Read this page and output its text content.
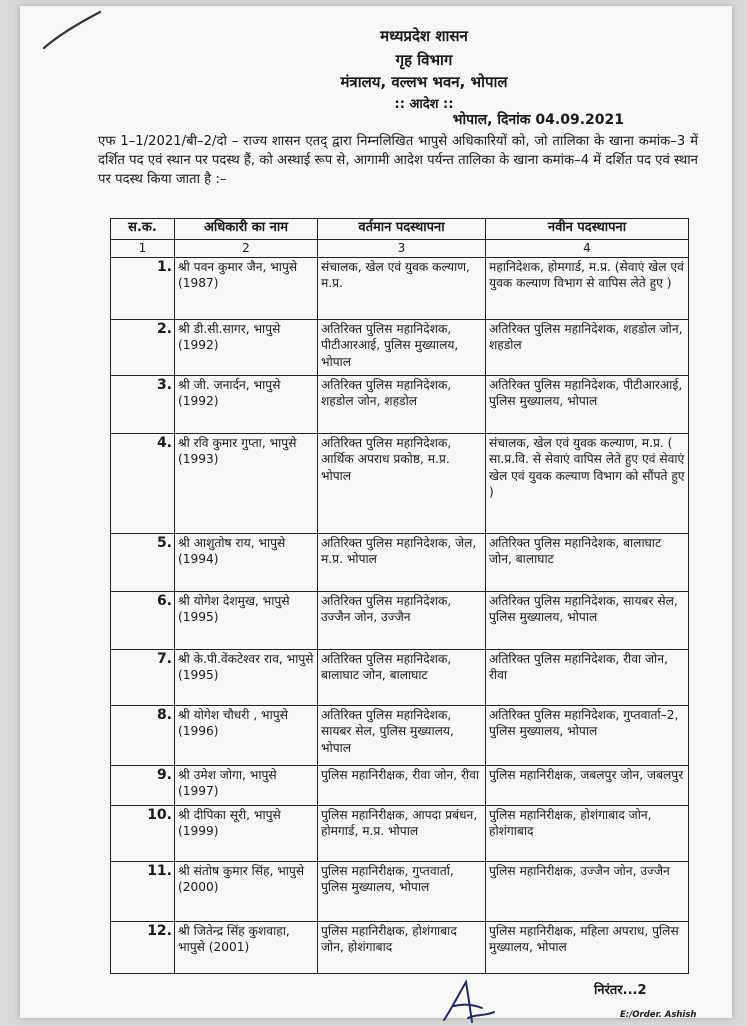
मध्यप्रदेश शासन
गृह विभाग
मंत्रालय, वल्लभ भवन, भोपाल
:: आदेश ::
भोपाल, दिनांक 04.09.2021
एफ 1–1/2021/बी–2/दो – राज्य शासन एतद् द्वारा निम्नलिखित भापुसे अधिकारियों को, जो तालिका के खाना कमांक–3 में दर्शित पद एवं स्थान पर पदस्थ हैं, को अस्थाई रूप से, आगामी आदेश पर्यन्त तालिका के खाना कमांक–4 में दर्शित पद एवं स्थान पर पदस्थ किया जाता है :–
स.क.	अधिकारी का नाम	वर्तमान पदस्थापना	नवीन पदस्थापना
1	2	3	4
1.	श्री पवन कुमार जैन, भापुसे (1987)	संचालक, खेल एवं युवक कल्याण, म.प्र.	महानिदेशक, होमगार्ड, म.प्र. (सेवाएं खेल एवं युवक कल्याण विभाग से वापिस लेते हुए )
2.	श्री डी.सी.सागर, भापुसे (1992)	अतिरिक्त पुलिस महानिदेशक, पीटीआरआई, पुलिस मुख्यालय, भोपाल	अतिरिक्त पुलिस महानिदेशक, शहडोल जोन, शहडोल
3.	श्री जी. जनार्दन, भापुसे (1992)	अतिरिक्त पुलिस महानिदेशक, शहडोल जोन, शहडोल	अतिरिक्त पुलिस महानिदेशक, पीटीआरआई, पुलिस मुख्यालय, भोपाल
4.	श्री रवि कुमार गुप्ता, भापुसे (1993)	अतिरिक्त पुलिस महानिदेशक, आर्थिक अपराध प्रकोष्ठ, म.प्र. भोपाल	संचालक, खेल एवं युवक कल्याण, म.प्र. ( सा.प्र.वि. से सेवाएं वापिस लेते हुए एवं सेवाएं खेल एवं युवक कल्याण विभाग को सौंपते हुए )
5.	श्री आशुतोष राय, भापुसे (1994)	अतिरिक्त पुलिस महानिदेशक, जेल, म.प्र. भोपाल	अतिरिक्त पुलिस महानिदेशक, बालाघाट जोन, बालाघाट
6.	श्री योगेश देशमुख, भापुसे (1995)	अतिरिक्त पुलिस महानिदेशक, उज्जैन जोन, उज्जैन	अतिरिक्त पुलिस महानिदेशक, सायबर सेल, पुलिस मुख्यालय, भोपाल
7.	श्री के.पी.वेंकटेश्वर राव, भापुसे (1995)	अतिरिक्त पुलिस महानिदेशक, बालाघाट जोन, बालाघाट	अतिरिक्त पुलिस महानिदेशक, रीवा जोन, रीवा
8.	श्री योगेश चौधरी , भापुसे (1996)	अतिरिक्त पुलिस महानिदेशक, सायबर सेल, पुलिस मुख्यालय, भोपाल	अतिरिक्त पुलिस महानिदेशक, गुप्तवार्ता–2, पुलिस मुख्यालय, भोपाल
9.	श्री उमेश जोगा, भापुसे (1997)	पुलिस महानिरीक्षक, रीवा जोन, रीवा	पुलिस महानिरीक्षक, जबलपुर जोन, जबलपुर
10.	श्री दीपिका सूरी, भापुसे (1999)	पुलिस महानिरीक्षक, आपदा प्रबंधन, होमगार्ड, म.प्र. भोपाल	पुलिस महानिरीक्षक, होशंगाबाद जोन, होशंगाबाद
11.	श्री संतोष कुमार सिंह, भापुसे (2000)	पुलिस महानिरीक्षक, गुप्तवार्ता, पुलिस मुख्यालय, भोपाल	पुलिस महानिरीक्षक, उज्जैन जोन, उज्जैन
12.	श्री जितेन्द्र सिंह कुशवाहा, भापुसे (2001)	पुलिस महानिरीक्षक, होशंगाबाद जोन, होशंगाबाद	पुलिस महानिरीक्षक, महिला अपराध, पुलिस मुख्यालय, भोपाल
निरंतर...2
E:/Order. Ashish
